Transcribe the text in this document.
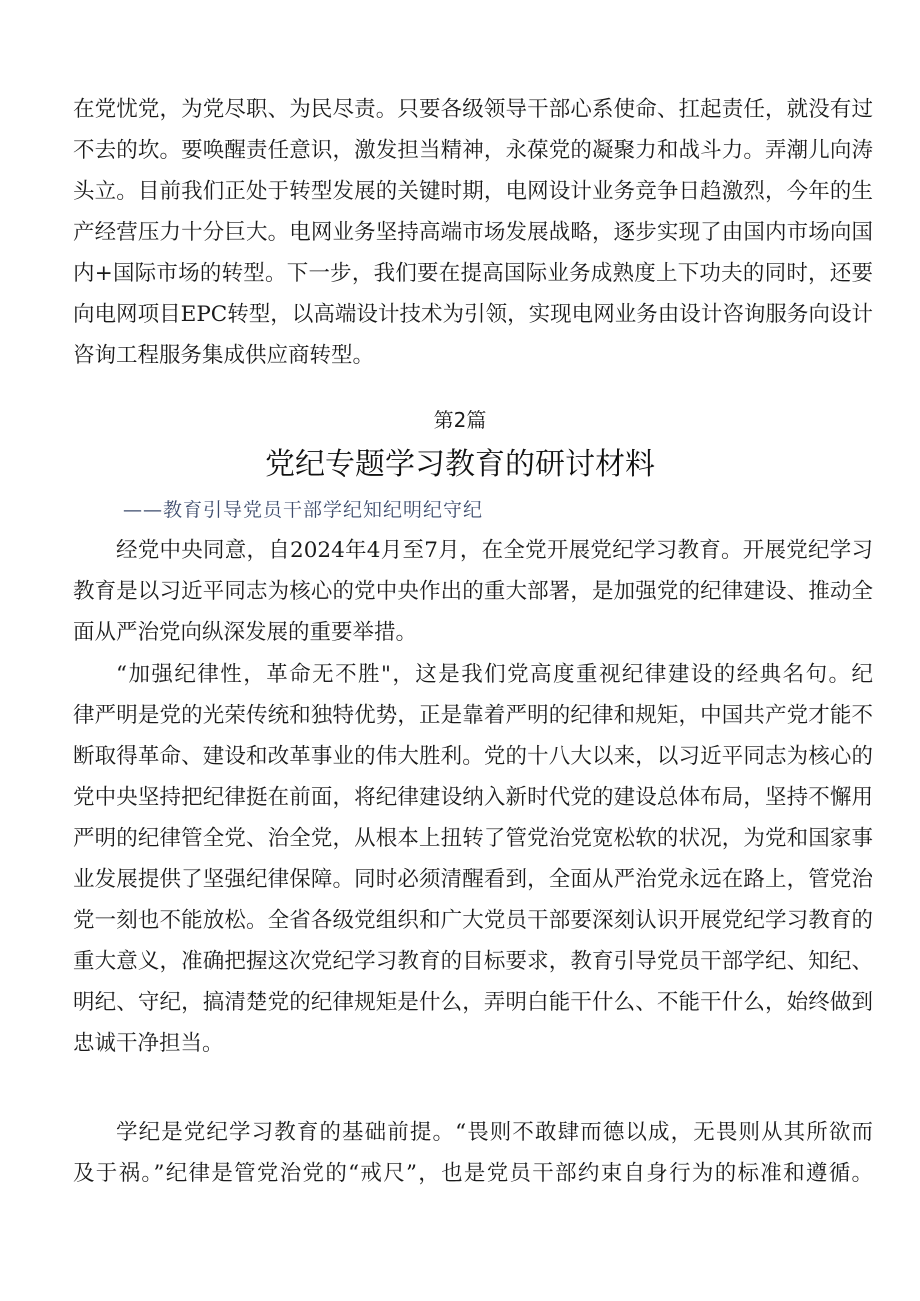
在党忧党，为党尽职、为民尽责。只要各级领导干部心系使命、扛起责任，就没有过
不去的坎。要唤醒责任意识，激发担当精神，永葆党的凝聚力和战斗力。弄潮儿向涛
头立。目前我们正处于转型发展的关键时期，电网设计业务竞争日趋激烈，今年的生
产经营压力十分巨大。电网业务坚持高端市场发展战略，逐步实现了由国内市场向国
内+国际市场的转型。下一步，我们要在提高国际业务成熟度上下功夫的同时，还要
向电网项目EPC转型，以高端设计技术为引领，实现电网业务由设计咨询服务向设计
咨询工程服务集成供应商转型。
第2篇
党纪专题学习教育的研讨材料
——教育引导党员干部学纪知纪明纪守纪
经党中央同意，自2024年4月至7月，在全党开展党纪学习教育。开展党纪学习
教育是以习近平同志为核心的党中央作出的重大部署，是加强党的纪律建设、推动全
面从严治党向纵深发展的重要举措。
“加强纪律性，革命无不胜"，这是我们党高度重视纪律建设的经典名句。纪
律严明是党的光荣传统和独特优势，正是靠着严明的纪律和规矩，中国共产党才能不
断取得革命、建设和改革事业的伟大胜利。党的十八大以来，以习近平同志为核心的
党中央坚持把纪律挺在前面，将纪律建设纳入新时代党的建设总体布局，坚持不懈用
严明的纪律管全党、治全党，从根本上扭转了管党治党宽松软的状况，为党和国家事
业发展提供了坚强纪律保障。同时必须清醒看到，全面从严治党永远在路上，管党治
党一刻也不能放松。全省各级党组织和广大党员干部要深刻认识开展党纪学习教育的
重大意义，准确把握这次党纪学习教育的目标要求，教育引导党员干部学纪、知纪、
明纪、守纪，搞清楚党的纪律规矩是什么，弄明白能干什么、不能干什么，始终做到
忠诚干净担当。
学纪是党纪学习教育的基础前提。“畏则不敢肆而德以成，无畏则从其所欲而
及于祸。”纪律是管党治党的“戒尺”，也是党员干部约束自身行为的标准和遵循。
